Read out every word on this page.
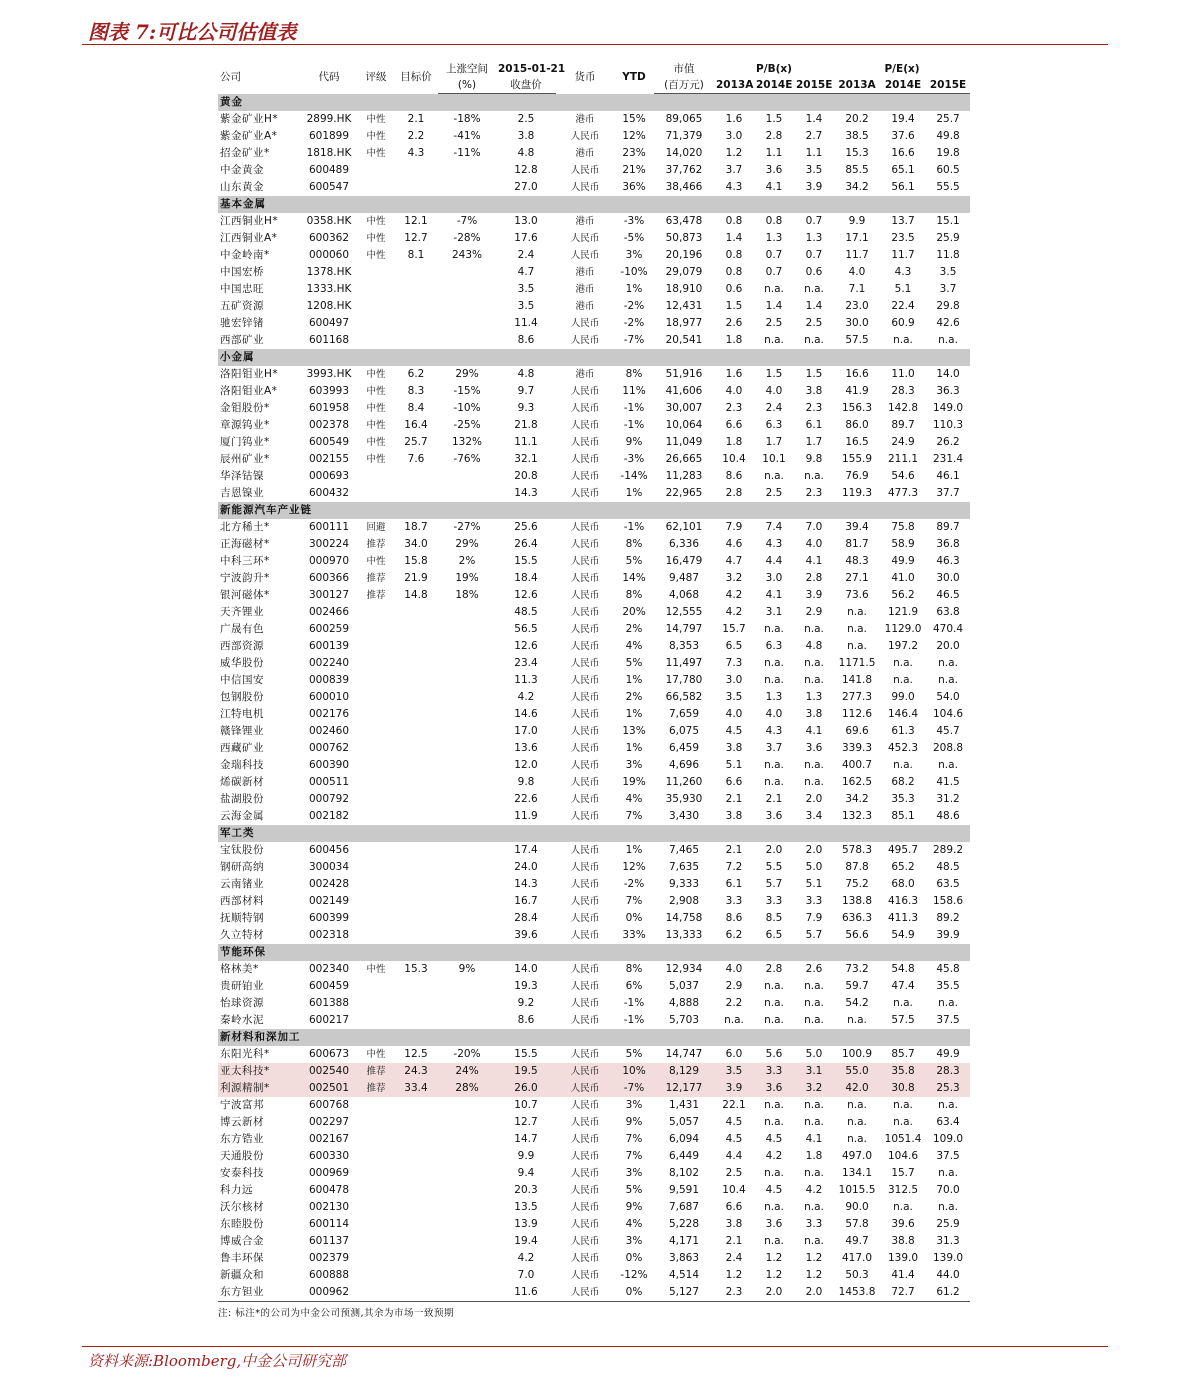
图表 7:可比公司估值表
公司	代码	评级	目标价	上涨空间	2015-01-21	货币	YTD	市值	P/B(x)			P/E(x)		
				(%)	收盘价			(百万元)	2013A	2014E	2015E	2013A	2014E	2015E
黄金														
紫金矿业H*	2899.HK	中性	2.1	-18%	2.5	港币	15%	89,065	1.6	1.5	1.4	20.2	19.4	25.7
紫金矿业A*	601899	中性	2.2	-41%	3.8	人民币	12%	71,379	3.0	2.8	2.7	38.5	37.6	49.8
招金矿业*	1818.HK	中性	4.3	-11%	4.8	港币	23%	14,020	1.2	1.1	1.1	15.3	16.6	19.8
中金黄金	600489				12.8	人民币	21%	37,762	3.7	3.6	3.5	85.5	65.1	60.5
山东黄金	600547				27.0	人民币	36%	38,466	4.3	4.1	3.9	34.2	56.1	55.5
基本金属														
江西铜业H*	0358.HK	中性	12.1	-7%	13.0	港币	-3%	63,478	0.8	0.8	0.7	9.9	13.7	15.1
江西铜业A*	600362	中性	12.7	-28%	17.6	人民币	-5%	50,873	1.4	1.3	1.3	17.1	23.5	25.9
中金岭南*	000060	中性	8.1	243%	2.4	人民币	3%	20,196	0.8	0.7	0.7	11.7	11.7	11.8
中国宏桥	1378.HK				4.7	港币	-10%	29,079	0.8	0.7	0.6	4.0	4.3	3.5
中国忠旺	1333.HK				3.5	港币	1%	18,910	0.6	n.a.	n.a.	7.1	5.1	3.7
五矿资源	1208.HK				3.5	港币	-2%	12,431	1.5	1.4	1.4	23.0	22.4	29.8
驰宏锌锗	600497				11.4	人民币	-2%	18,977	2.6	2.5	2.5	30.0	60.9	42.6
西部矿业	601168				8.6	人民币	-7%	20,541	1.8	n.a.	n.a.	57.5	n.a.	n.a.
小金属														
洛阳钼业H*	3993.HK	中性	6.2	29%	4.8	港币	8%	51,916	1.6	1.5	1.5	16.6	11.0	14.0
洛阳钼业A*	603993	中性	8.3	-15%	9.7	人民币	11%	41,606	4.0	4.0	3.8	41.9	28.3	36.3
金钼股份*	601958	中性	8.4	-10%	9.3	人民币	-1%	30,007	2.3	2.4	2.3	156.3	142.8	149.0
章源钨业*	002378	中性	16.4	-25%	21.8	人民币	-1%	10,064	6.6	6.3	6.1	86.0	89.7	110.3
厦门钨业*	600549	中性	25.7	132%	11.1	人民币	9%	11,049	1.8	1.7	1.7	16.5	24.9	26.2
辰州矿业*	002155	中性	7.6	-76%	32.1	人民币	-3%	26,665	10.4	10.1	9.8	155.9	211.1	231.4
华泽钴镍	000693				20.8	人民币	-14%	11,283	8.6	n.a.	n.a.	76.9	54.6	46.1
吉恩镍业	600432				14.3	人民币	1%	22,965	2.8	2.5	2.3	119.3	477.3	37.7
新能源汽车产业链														
北方稀土*	600111	回避	18.7	-27%	25.6	人民币	-1%	62,101	7.9	7.4	7.0	39.4	75.8	89.7
正海磁材*	300224	推荐	34.0	29%	26.4	人民币	8%	6,336	4.6	4.3	4.0	81.7	58.9	36.8
中科三环*	000970	中性	15.8	2%	15.5	人民币	5%	16,479	4.7	4.4	4.1	48.3	49.9	46.3
宁波韵升*	600366	推荐	21.9	19%	18.4	人民币	14%	9,487	3.2	3.0	2.8	27.1	41.0	30.0
银河磁体*	300127	推荐	14.8	18%	12.6	人民币	8%	4,068	4.2	4.1	3.9	73.6	56.2	46.5
天齐锂业	002466				48.5	人民币	20%	12,555	4.2	3.1	2.9	n.a.	121.9	63.8
广晟有色	600259				56.5	人民币	2%	14,797	15.7	n.a.	n.a.	n.a.	1129.0	470.4
西部资源	600139				12.6	人民币	4%	8,353	6.5	6.3	4.8	n.a.	197.2	20.0
威华股份	002240				23.4	人民币	5%	11,497	7.3	n.a.	n.a.	1171.5	n.a.	n.a.
中信国安	000839				11.3	人民币	1%	17,780	3.0	n.a.	n.a.	141.8	n.a.	n.a.
包钢股份	600010				4.2	人民币	2%	66,582	3.5	1.3	1.3	277.3	99.0	54.0
江特电机	002176				14.6	人民币	1%	7,659	4.0	4.0	3.8	112.6	146.4	104.6
赣锋锂业	002460				17.0	人民币	13%	6,075	4.5	4.3	4.1	69.6	61.3	45.7
西藏矿业	000762				13.6	人民币	1%	6,459	3.8	3.7	3.6	339.3	452.3	208.8
金瑞科技	600390				12.0	人民币	3%	4,696	5.1	n.a.	n.a.	400.7	n.a.	n.a.
烯碳新材	000511				9.8	人民币	19%	11,260	6.6	n.a.	n.a.	162.5	68.2	41.5
盐湖股份	000792				22.6	人民币	4%	35,930	2.1	2.1	2.0	34.2	35.3	31.2
云海金属	002182				11.9	人民币	7%	3,430	3.8	3.6	3.4	132.3	85.1	48.6
军工类														
宝钛股份	600456				17.4	人民币	1%	7,465	2.1	2.0	2.0	578.3	495.7	289.2
钢研高纳	300034				24.0	人民币	12%	7,635	7.2	5.5	5.0	87.8	65.2	48.5
云南锗业	002428				14.3	人民币	-2%	9,333	6.1	5.7	5.1	75.2	68.0	63.5
西部材料	002149				16.7	人民币	7%	2,908	3.3	3.3	3.3	138.8	416.3	158.6
抚顺特钢	600399				28.4	人民币	0%	14,758	8.6	8.5	7.9	636.3	411.3	89.2
久立特材	002318				39.6	人民币	33%	13,333	6.2	6.5	5.7	56.6	54.9	39.9
节能环保														
格林美*	002340	中性	15.3	9%	14.0	人民币	8%	12,934	4.0	2.8	2.6	73.2	54.8	45.8
贵研铂业	600459				19.3	人民币	6%	5,037	2.9	n.a.	n.a.	59.7	47.4	35.5
怡球资源	601388				9.2	人民币	-1%	4,888	2.2	n.a.	n.a.	54.2	n.a.	n.a.
秦岭水泥	600217				8.6	人民币	-1%	5,703	n.a.	n.a.	n.a.	n.a.	57.5	37.5
新材料和深加工														
东阳光科*	600673	中性	12.5	-20%	15.5	人民币	5%	14,747	6.0	5.6	5.0	100.9	85.7	49.9
亚太科技*	002540	推荐	24.3	24%	19.5	人民币	10%	8,129	3.5	3.3	3.1	55.0	35.8	28.3
利源精制*	002501	推荐	33.4	28%	26.0	人民币	-7%	12,177	3.9	3.6	3.2	42.0	30.8	25.3
宁波富邦	600768				10.7	人民币	3%	1,431	22.1	n.a.	n.a.	n.a.	n.a.	n.a.
博云新材	002297				12.7	人民币	9%	5,057	4.5	n.a.	n.a.	n.a.	n.a.	63.4
东方锆业	002167				14.7	人民币	7%	6,094	4.5	4.5	4.1	n.a.	1051.4	109.0
天通股份	600330				9.9	人民币	7%	6,449	4.4	4.2	1.8	497.0	104.6	37.5
安泰科技	000969				9.4	人民币	3%	8,102	2.5	n.a.	n.a.	134.1	15.7	n.a.
科力远	600478				20.3	人民币	5%	9,591	10.4	4.5	4.2	1015.5	312.5	70.0
沃尔核材	002130				13.5	人民币	9%	7,687	6.6	n.a.	n.a.	90.0	n.a.	n.a.
东睦股份	600114				13.9	人民币	4%	5,228	3.8	3.6	3.3	57.8	39.6	25.9
博威合金	601137				19.4	人民币	3%	4,171	2.1	n.a.	n.a.	49.7	38.8	31.3
鲁丰环保	002379				4.2	人民币	0%	3,863	2.4	1.2	1.2	417.0	139.0	139.0
新疆众和	600888				7.0	人民币	-12%	4,514	1.2	1.2	1.2	50.3	41.4	44.0
东方钽业	000962				11.6	人民币	0%	5,127	2.3	2.0	2.0	1453.8	72.7	61.2
注: 标注*的公司为中金公司预测,其余为市场一致预期
资料来源:Bloomberg,中金公司研究部
